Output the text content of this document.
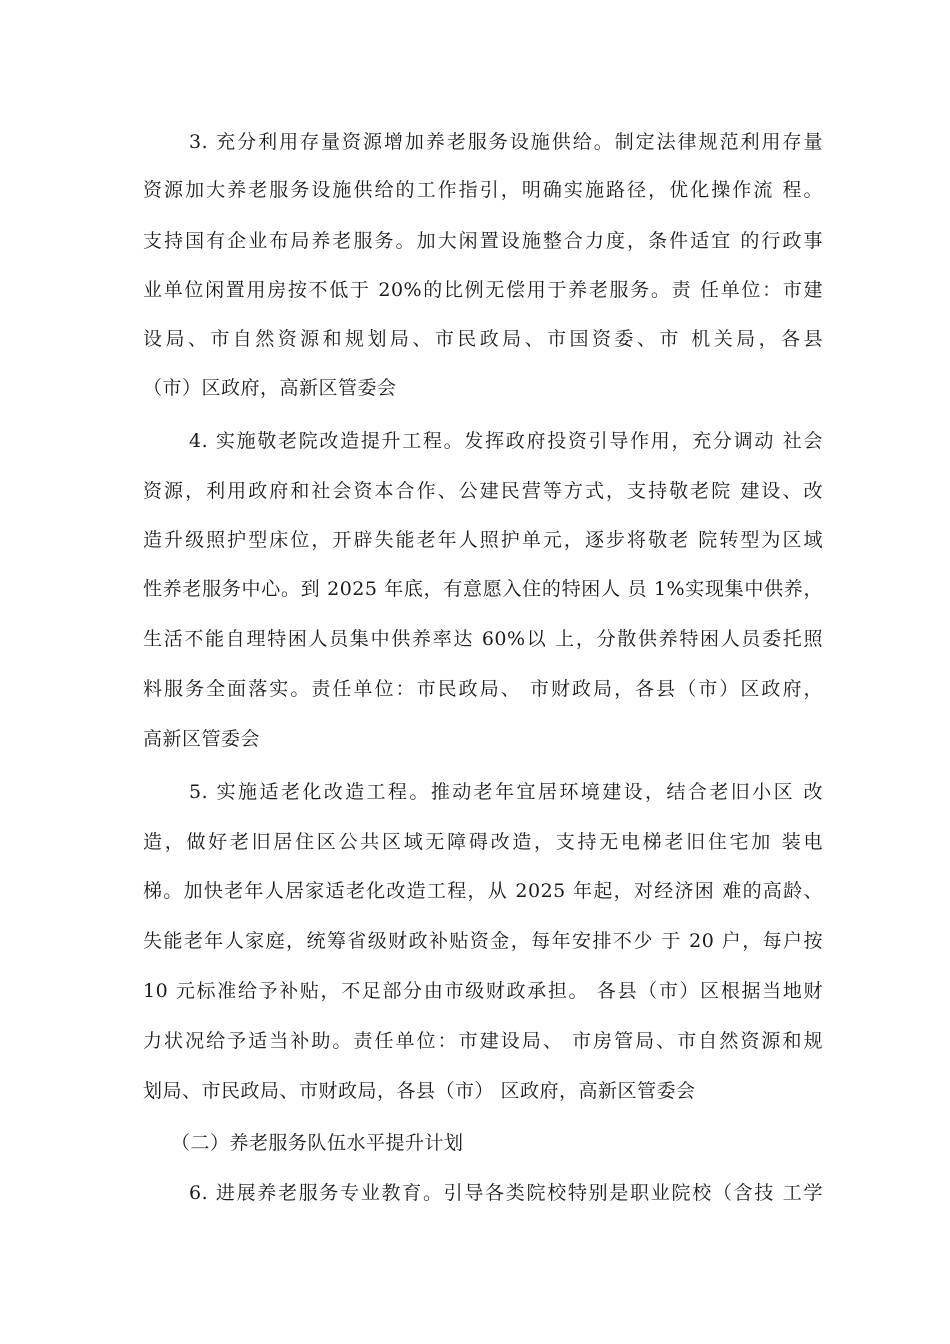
3. 充分利用存量资源增加养老服务设施供给。制定法律规范利用存量
资源加大养老服务设施供给的工作指引，明确实施路径，优化操作流 程。
支持国有企业布局养老服务。加大闲置设施整合力度，条件适宜 的行政事
业单位闲置用房按不低于 20%的比例无偿用于养老服务。责 任单位：市建
设局、市自然资源和规划局、市民政局、市国资委、市 机关局，各县
（市）区政府，高新区管委会
4. 实施敬老院改造提升工程。发挥政府投资引导作用，充分调动 社会
资源，利用政府和社会资本合作、公建民营等方式，支持敬老院 建设、改
造升级照护型床位，开辟失能老年人照护单元，逐步将敬老 院转型为区域
性养老服务中心。到 2025 年底，有意愿入住的特困人 员 1%实现集中供养，
生活不能自理特困人员集中供养率达 60%以 上，分散供养特困人员委托照
料服务全面落实。责任单位：市民政局、 市财政局，各县（市）区政府，
高新区管委会
5. 实施适老化改造工程。推动老年宜居环境建设，结合老旧小区 改
造，做好老旧居住区公共区域无障碍改造，支持无电梯老旧住宅加 装电
梯。加快老年人居家适老化改造工程，从 2025 年起，对经济困 难的高龄、
失能老年人家庭，统筹省级财政补贴资金，每年安排不少 于 20 户，每户按
10 元标准给予补贴，不足部分由市级财政承担。 各县（市）区根据当地财
力状况给予适当补助。责任单位：市建设局、 市房管局、市自然资源和规
划局、市民政局、市财政局，各县（市） 区政府，高新区管委会
（二）养老服务队伍水平提升计划
6. 进展养老服务专业教育。引导各类院校特别是职业院校（含技 工学
